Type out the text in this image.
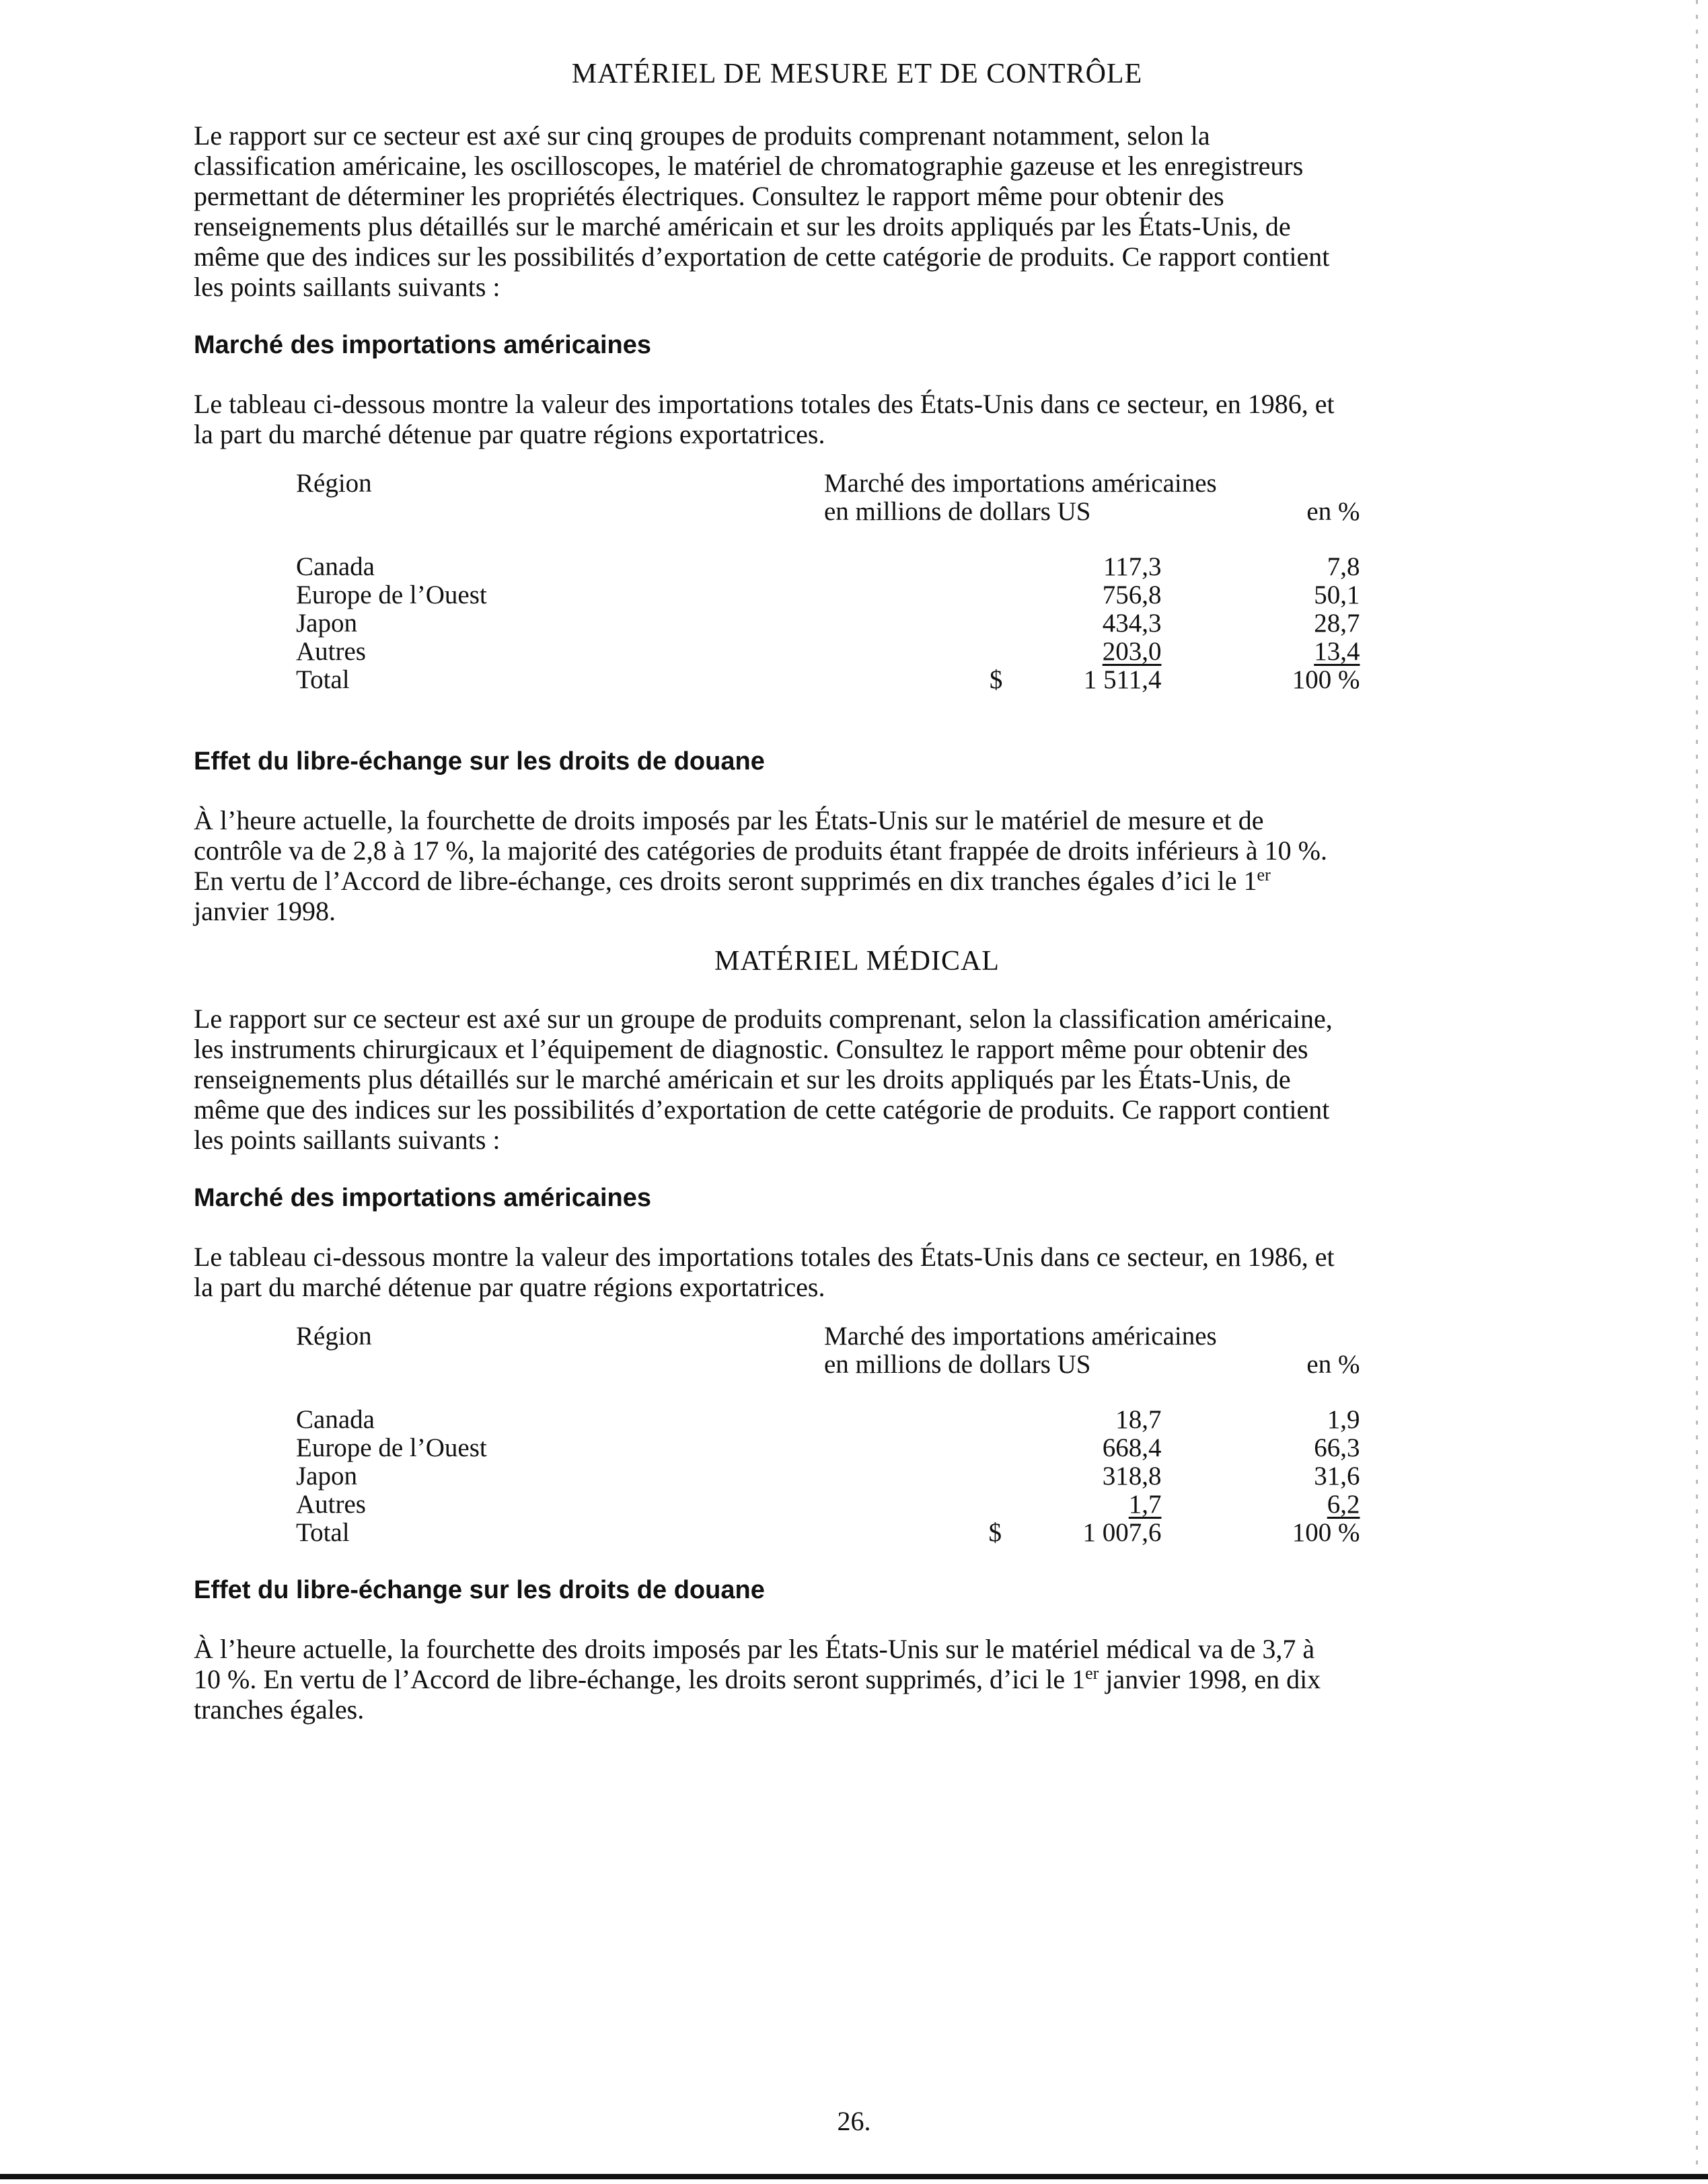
MATÉRIEL DE MESURE ET DE CONTRÔLE
Le rapport sur ce secteur est axé sur cinq groupes de produits comprenant notamment, selon la
classification américaine, les oscilloscopes, le matériel de chromatographie gazeuse et les enregistreurs
permettant de déterminer les propriétés électriques. Consultez le rapport même pour obtenir des
renseignements plus détaillés sur le marché américain et sur les droits appliqués par les États-Unis, de
même que des indices sur les possibilités d’exportation de cette catégorie de produits. Ce rapport contient
les points saillants suivants :
Marché des importations américaines
Le tableau ci-dessous montre la valeur des importations totales des États-Unis dans ce secteur, en 1986, et
la part du marché détenue par quatre régions exportatrices.
Région	Marché des importations américaines
	en millions de dollars US	en %

Canada	117,3	7,8
Europe de l’Ouest	756,8	50,1
Japon	434,3	28,7
Autres	203,0	13,4
Total	$	1 511,4	100 %
Effet du libre-échange sur les droits de douane
À l’heure actuelle, la fourchette de droits imposés par les États-Unis sur le matériel de mesure et de
contrôle va de 2,8 à 17 %, la majorité des catégories de produits étant frappée de droits inférieurs à 10 %.
En vertu de l’Accord de libre-échange, ces droits seront supprimés en dix tranches égales d’ici le 1er
janvier 1998.
MATÉRIEL MÉDICAL
Le rapport sur ce secteur est axé sur un groupe de produits comprenant, selon la classification américaine,
les instruments chirurgicaux et l’équipement de diagnostic. Consultez le rapport même pour obtenir des
renseignements plus détaillés sur le marché américain et sur les droits appliqués par les États-Unis, de
même que des indices sur les possibilités d’exportation de cette catégorie de produits. Ce rapport contient
les points saillants suivants :
Marché des importations américaines
Le tableau ci-dessous montre la valeur des importations totales des États-Unis dans ce secteur, en 1986, et
la part du marché détenue par quatre régions exportatrices.
Région	Marché des importations américaines
	en millions de dollars US	en %

Canada	18,7	1,9
Europe de l’Ouest	668,4	66,3
Japon	318,8	31,6
Autres	1,7	6,2
Total	$	1 007,6	100 %
Effet du libre-échange sur les droits de douane
À l’heure actuelle, la fourchette des droits imposés par les États-Unis sur le matériel médical va de 3,7 à
10 %. En vertu de l’Accord de libre-échange, les droits seront supprimés, d’ici le 1er janvier 1998, en dix
tranches égales.
26.
